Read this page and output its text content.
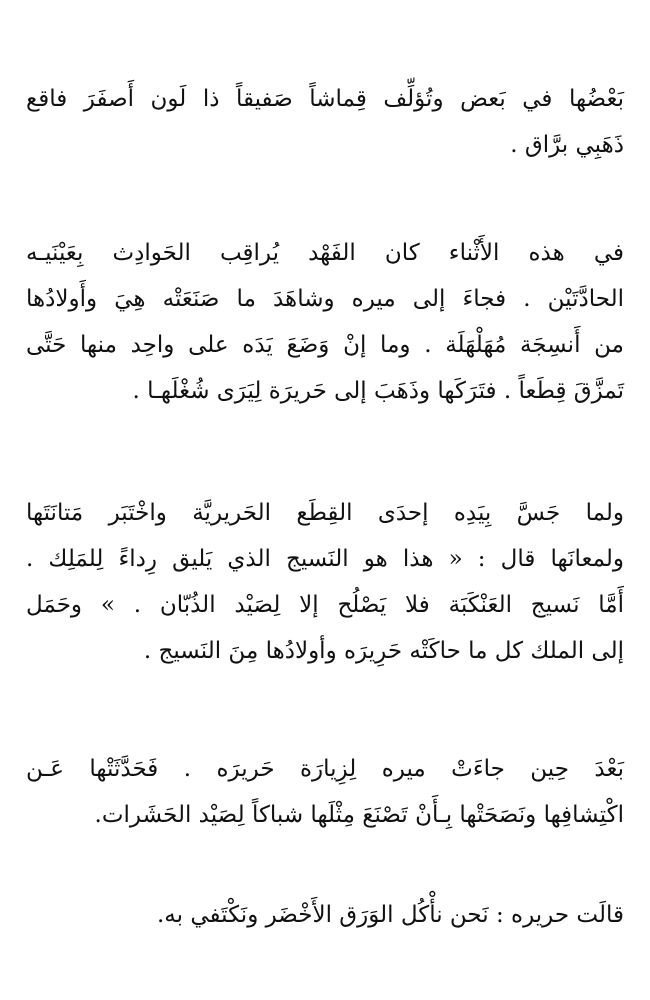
بَعْضُها في بَعض وتُؤلِّف قِماشاً صَفيقاً ذا لَون أَصفَرَ فاقع
ذَهَبِي برَّاق .
في هذه الأَثْناء كان الفَهْد يُراقِب الحَوادِث بِعَيْنَيـه
الحادَّتَيْن . فجاءَ إلى ميره وشاهَدَ ما صَنَعَتْه هِيَ وأَولادُها
من أَنسِجَة مُهَلْهَلَة . وما إنْ وَضَعَ يَدَه على واحِد منها حَتَّى
تَمزَّقَ قِطَعاً . فتَرَكَها وذَهَبَ إلى حَريرَة لِيَرَى شُغْلَهـا .
ولما جَسَّ بِيَدِه إحدَى القِطَع الحَريريَّة واخْتَبَر مَتانَتَها
ولمعانَها قال : « هذا هو النَسيج الذي يَليق رِداءً لِلمَلِك .
أَمَّا نَسيج العَنْكَبَة فلا يَصْلُح إلا لِصَيْد الذُبّان . » وحَمَل
إلى الملك كل ما حاكَتْه حَرِيرَه وأولادُها مِنَ النَسيج .
بَعْدَ حِين جاءَتْ ميره لِزِيارَة حَريرَه . فَحَدَّثَتْها عَـن
اكْتِشافِها ونَصَحَتْها بِـأَنْ تَصْنَعَ مِثْلَها شباكاً لِصَيْد الحَشَرات.
قالَت حريره : نَحن نأْكُل الوَرَق الأَخْضَر ونَكْتَفي به.
